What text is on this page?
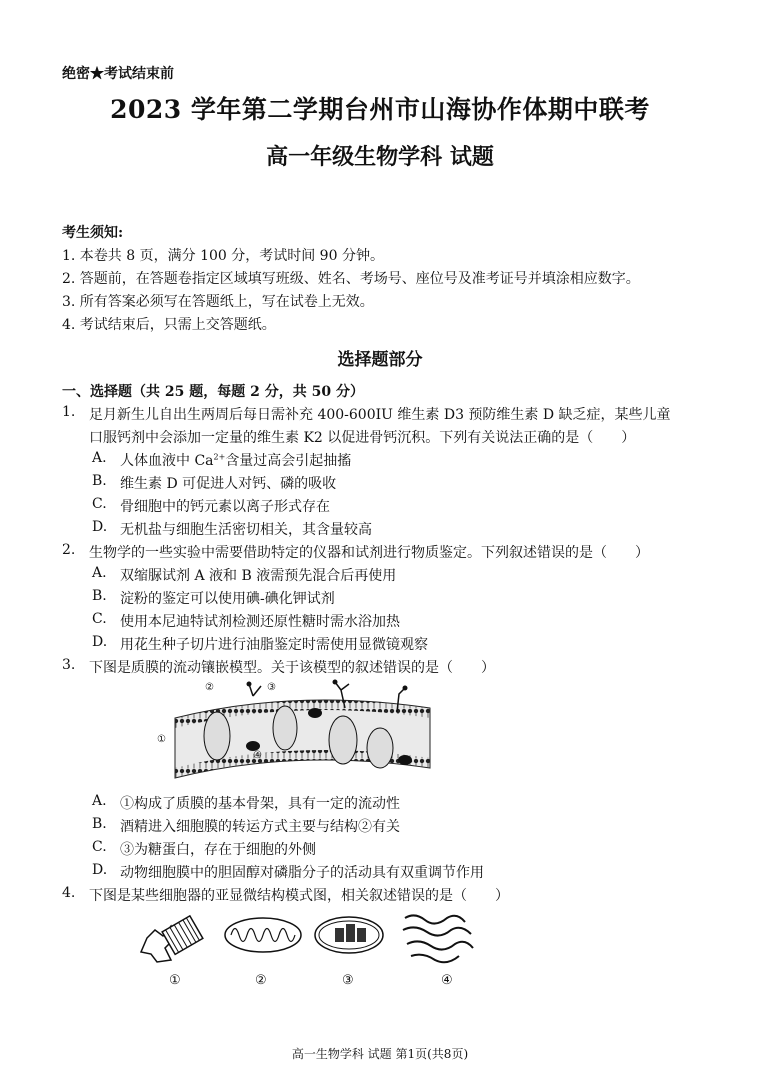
绝密★考试结束前
2023 学年第二学期台州市山海协作体期中联考
高一年级生物学科 试题
考生须知:
1. 本卷共 8 页，满分 100 分，考试时间 90 分钟。
2. 答题前，在答题卷指定区域填写班级、姓名、考场号、座位号及准考证号并填涂相应数字。
3. 所有答案必须写在答题纸上，写在试卷上无效。
4. 考试结束后，只需上交答题纸。
选择题部分
一、选择题（共 25 题，每题 2 分，共 50 分）
1. 足月新生儿自出生两周后每日需补充 400-600IU 维生素 D3 预防维生素 D 缺乏症，某些儿童
口服钙剂中会添加一定量的维生素 K2 以促进骨钙沉积。下列有关说法正确的是（　　）
A. 人体血液中 $Ca^{2+}$含量过高会引起抽搐
B. 维生素 D 可促进人对钙、磷的吸收
C. 骨细胞中的钙元素以离子形式存在
D. 无机盐与细胞生活密切相关，其含量较高
2. 生物学的一些实验中需要借助特定的仪器和试剂进行物质鉴定。下列叙述错误的是（　　）
A. 双缩脲试剂 A 液和 B 液需预先混合后再使用
B. 淀粉的鉴定可以使用碘-碘化钾试剂
C. 使用本尼迪特试剂检测还原性糖时需水浴加热
D. 用花生种子切片进行油脂鉴定时需使用显微镜观察
3. 下图是质膜的流动镶嵌模型。关于该模型的叙述错误的是（　　）
②
①
③
④
A. ①构成了质膜的基本骨架，具有一定的流动性
B. 酒精进入细胞膜的转运方式主要与结构②有关
C. ③为糖蛋白，存在于细胞的外侧
D. 动物细胞膜中的胆固醇对磷脂分子的活动具有双重调节作用
4. 下图是某些细胞器的亚显微结构模式图，相关叙述错误的是（　　）
①	②	③	④
高一生物学科 试题 第1页(共8页)
